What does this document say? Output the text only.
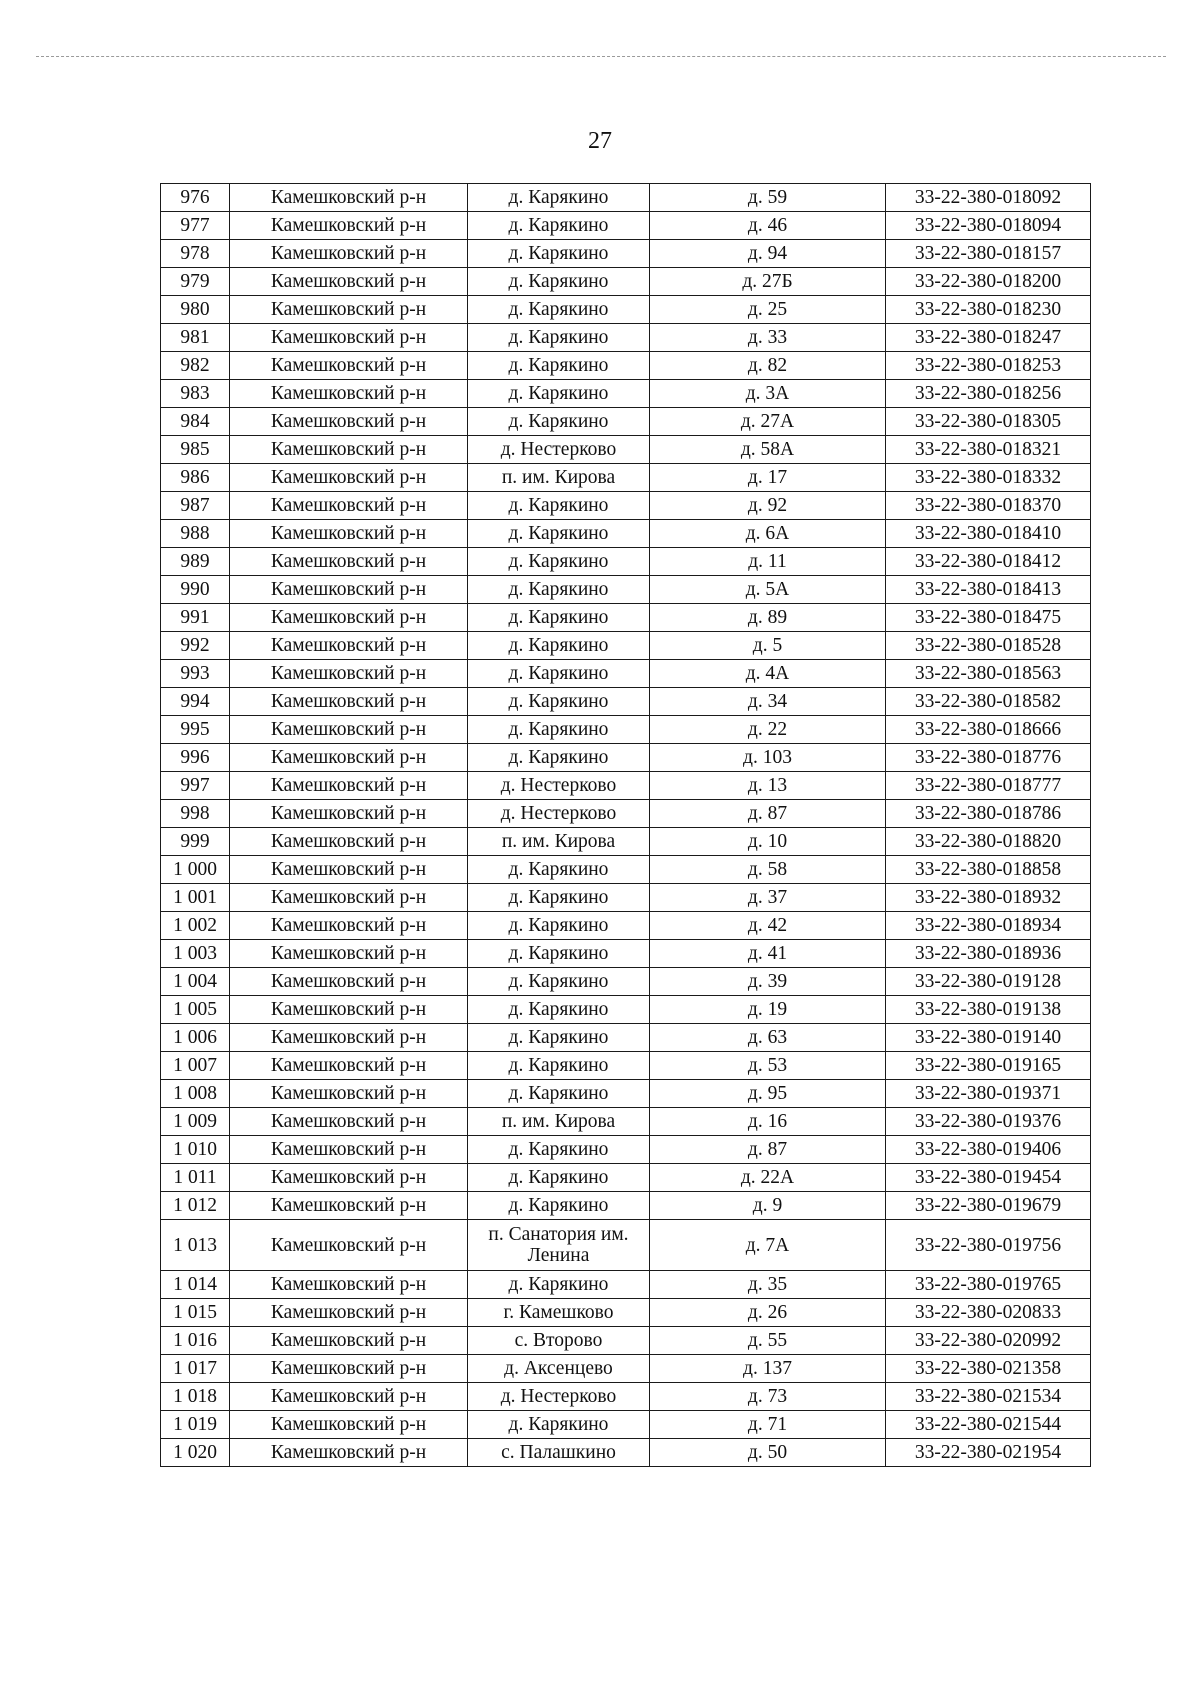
27
976	Камешковский р-н	д. Карякино	д. 59	33-22-380-018092
977	Камешковский р-н	д. Карякино	д. 46	33-22-380-018094
978	Камешковский р-н	д. Карякино	д. 94	33-22-380-018157
979	Камешковский р-н	д. Карякино	д. 27Б	33-22-380-018200
980	Камешковский р-н	д. Карякино	д. 25	33-22-380-018230
981	Камешковский р-н	д. Карякино	д. 33	33-22-380-018247
982	Камешковский р-н	д. Карякино	д. 82	33-22-380-018253
983	Камешковский р-н	д. Карякино	д. 3А	33-22-380-018256
984	Камешковский р-н	д. Карякино	д. 27А	33-22-380-018305
985	Камешковский р-н	д. Нестерково	д. 58А	33-22-380-018321
986	Камешковский р-н	п. им. Кирова	д. 17	33-22-380-018332
987	Камешковский р-н	д. Карякино	д. 92	33-22-380-018370
988	Камешковский р-н	д. Карякино	д. 6А	33-22-380-018410
989	Камешковский р-н	д. Карякино	д. 11	33-22-380-018412
990	Камешковский р-н	д. Карякино	д. 5А	33-22-380-018413
991	Камешковский р-н	д. Карякино	д. 89	33-22-380-018475
992	Камешковский р-н	д. Карякино	д. 5	33-22-380-018528
993	Камешковский р-н	д. Карякино	д. 4А	33-22-380-018563
994	Камешковский р-н	д. Карякино	д. 34	33-22-380-018582
995	Камешковский р-н	д. Карякино	д. 22	33-22-380-018666
996	Камешковский р-н	д. Карякино	д. 103	33-22-380-018776
997	Камешковский р-н	д. Нестерково	д. 13	33-22-380-018777
998	Камешковский р-н	д. Нестерково	д. 87	33-22-380-018786
999	Камешковский р-н	п. им. Кирова	д. 10	33-22-380-018820
1 000	Камешковский р-н	д. Карякино	д. 58	33-22-380-018858
1 001	Камешковский р-н	д. Карякино	д. 37	33-22-380-018932
1 002	Камешковский р-н	д. Карякино	д. 42	33-22-380-018934
1 003	Камешковский р-н	д. Карякино	д. 41	33-22-380-018936
1 004	Камешковский р-н	д. Карякино	д. 39	33-22-380-019128
1 005	Камешковский р-н	д. Карякино	д. 19	33-22-380-019138
1 006	Камешковский р-н	д. Карякино	д. 63	33-22-380-019140
1 007	Камешковский р-н	д. Карякино	д. 53	33-22-380-019165
1 008	Камешковский р-н	д. Карякино	д. 95	33-22-380-019371
1 009	Камешковский р-н	п. им. Кирова	д. 16	33-22-380-019376
1 010	Камешковский р-н	д. Карякино	д. 87	33-22-380-019406
1 011	Камешковский р-н	д. Карякино	д. 22А	33-22-380-019454
1 012	Камешковский р-н	д. Карякино	д. 9	33-22-380-019679
1 013	Камешковский р-н	п. Санатория им. Ленина	д. 7А	33-22-380-019756
1 014	Камешковский р-н	д. Карякино	д. 35	33-22-380-019765
1 015	Камешковский р-н	г. Камешково	д. 26	33-22-380-020833
1 016	Камешковский р-н	с. Второво	д. 55	33-22-380-020992
1 017	Камешковский р-н	д. Аксенцево	д. 137	33-22-380-021358
1 018	Камешковский р-н	д. Нестерково	д. 73	33-22-380-021534
1 019	Камешковский р-н	д. Карякино	д. 71	33-22-380-021544
1 020	Камешковский р-н	с. Палашкино	д. 50	33-22-380-021954
